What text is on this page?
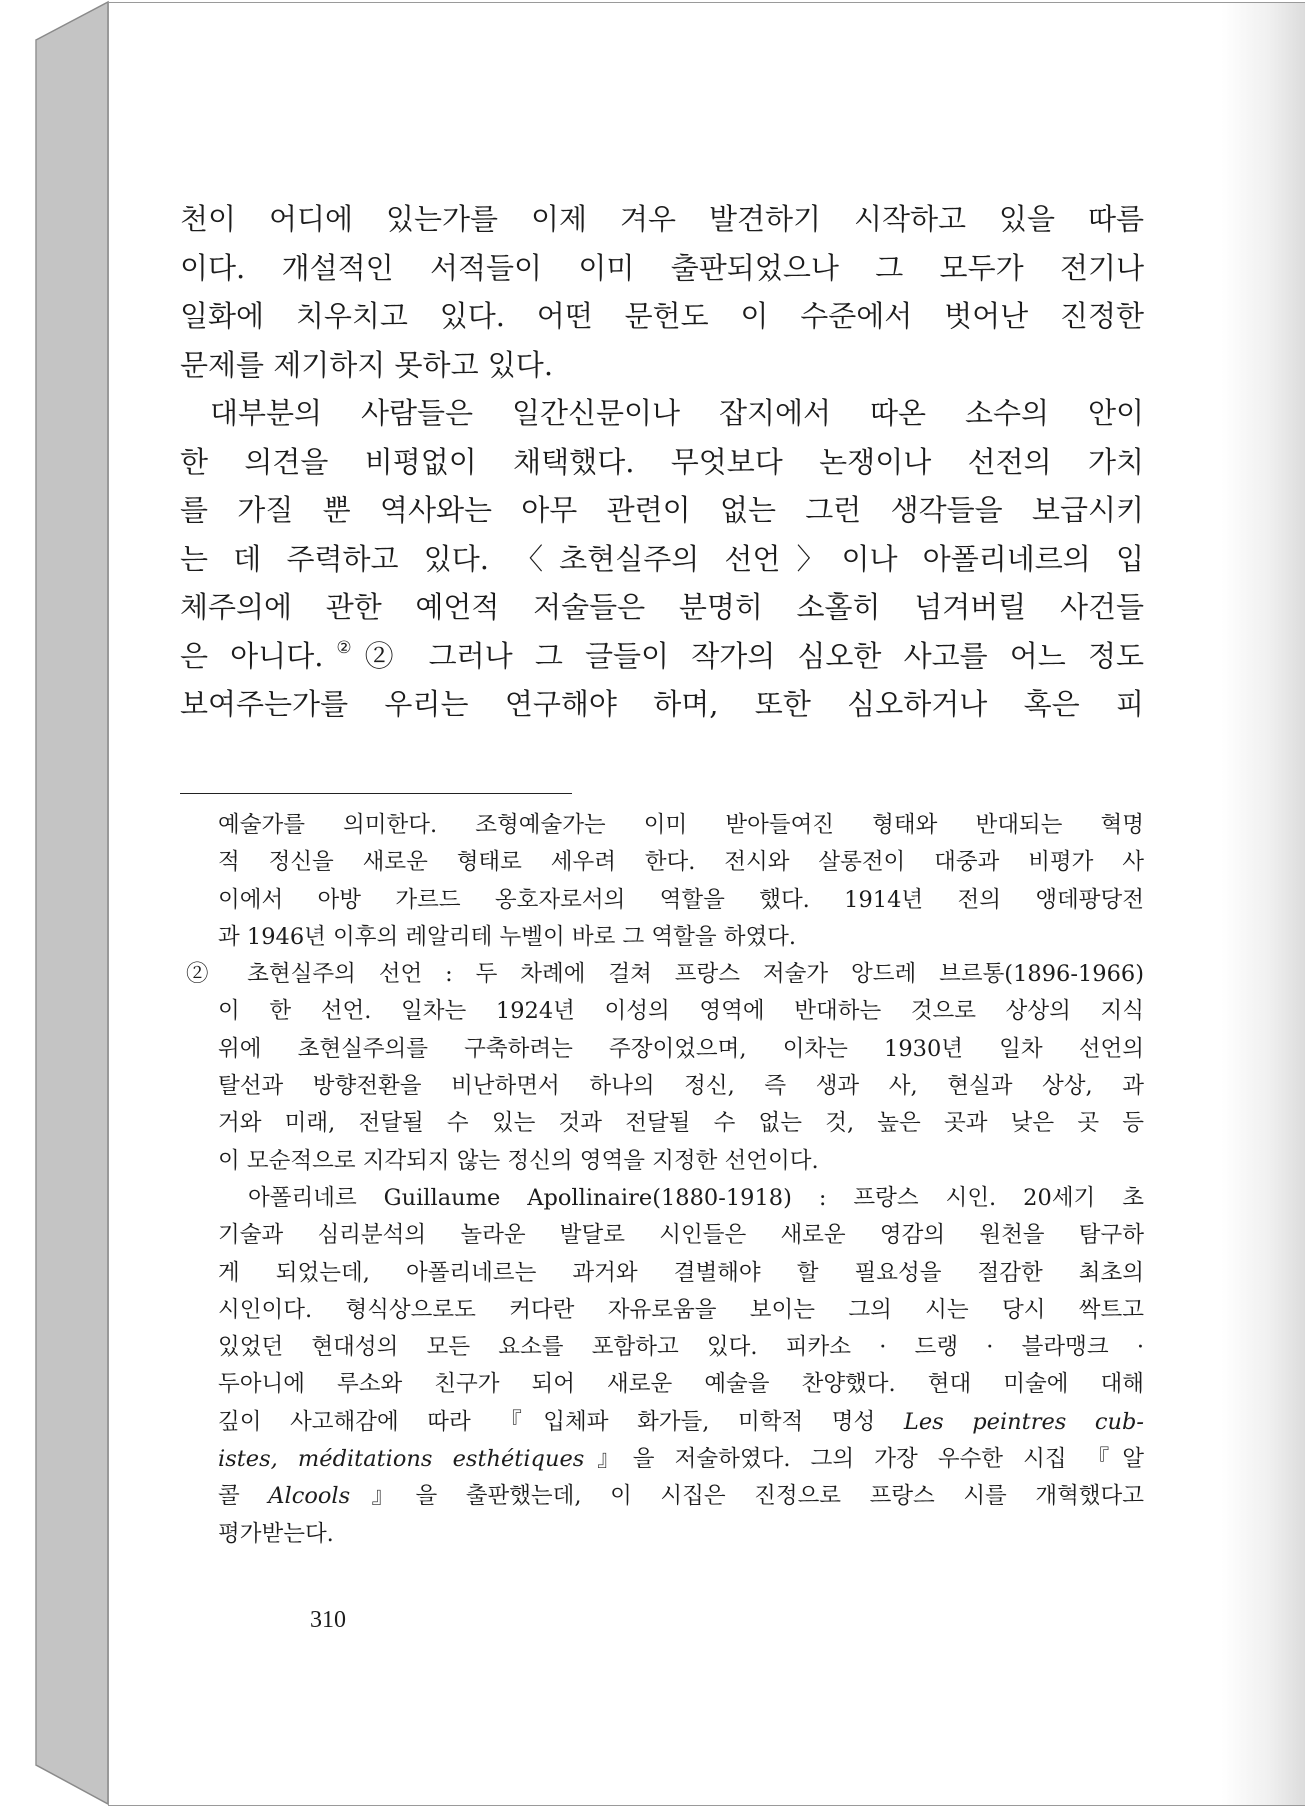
천이 어디에 있는가를 이제 겨우 발견하기 시작하고 있을 따름
이다. 개설적인 서적들이 이미 출판되었으나 그 모두가 전기나
일화에 치우치고 있다. 어떤 문헌도 이 수준에서 벗어난 진정한
문제를 제기하지 못하고 있다.
대부분의 사람들은 일간신문이나 잡지에서 따온 소수의 안이
한 의견을 비평없이 채택했다. 무엇보다 논쟁이나 선전의 가치
를 가질 뿐 역사와는 아무 관련이 없는 그런 생각들을 보급시키
는 데 주력하고 있다. 〈초현실주의 선언〉이나 아폴리네르의 입
체주의에 관한 예언적 저술들은 분명히 소홀히 넘겨버릴 사건들
은 아니다.②② 그러나 그 글들이 작가의 심오한 사고를 어느 정도
보여주는가를 우리는 연구해야 하며, 또한 심오하거나 혹은 피
예술가를 의미한다. 조형예술가는 이미 받아들여진 형태와 반대되는 혁명
적 정신을 새로운 형태로 세우려 한다. 전시와 살롱전이 대중과 비평가 사
이에서 아방 가르드 옹호자로서의 역할을 했다. 1914년 전의 앵데팡당전
과 1946년 이후의 레알리테 누벨이 바로 그 역할을 하였다.
② 초현실주의 선언 : 두 차례에 걸쳐 프랑스 저술가 앙드레 브르통(1896-1966)
이 한 선언. 일차는 1924년 이성의 영역에 반대하는 것으로 상상의 지식
위에 초현실주의를 구축하려는 주장이었으며, 이차는 1930년 일차 선언의
탈선과 방향전환을 비난하면서 하나의 정신, 즉 생과 사, 현실과 상상, 과
거와 미래, 전달될 수 있는 것과 전달될 수 없는 것, 높은 곳과 낮은 곳 등
이 모순적으로 지각되지 않는 정신의 영역을 지정한 선언이다.
아폴리네르 Guillaume Apollinaire(1880-1918) : 프랑스 시인. 20세기 초
기술과 심리분석의 놀라운 발달로 시인들은 새로운 영감의 원천을 탐구하
게 되었는데, 아폴리네르는 과거와 결별해야 할 필요성을 절감한 최초의
시인이다. 형식상으로도 커다란 자유로움을 보이는 그의 시는 당시 싹트고
있었던 현대성의 모든 요소를 포함하고 있다. 피카소 · 드랭 · 블라맹크 ·
두아니에 루소와 친구가 되어 새로운 예술을 찬양했다. 현대 미술에 대해
깊이 사고해감에 따라 『입체파 화가들, 미학적 명성 Les peintres cub-
istes, méditations esthétiques』을 저술하였다. 그의 가장 우수한 시집 『알
콜 Alcools』을 출판했는데, 이 시집은 진정으로 프랑스 시를 개혁했다고
평가받는다.
310
